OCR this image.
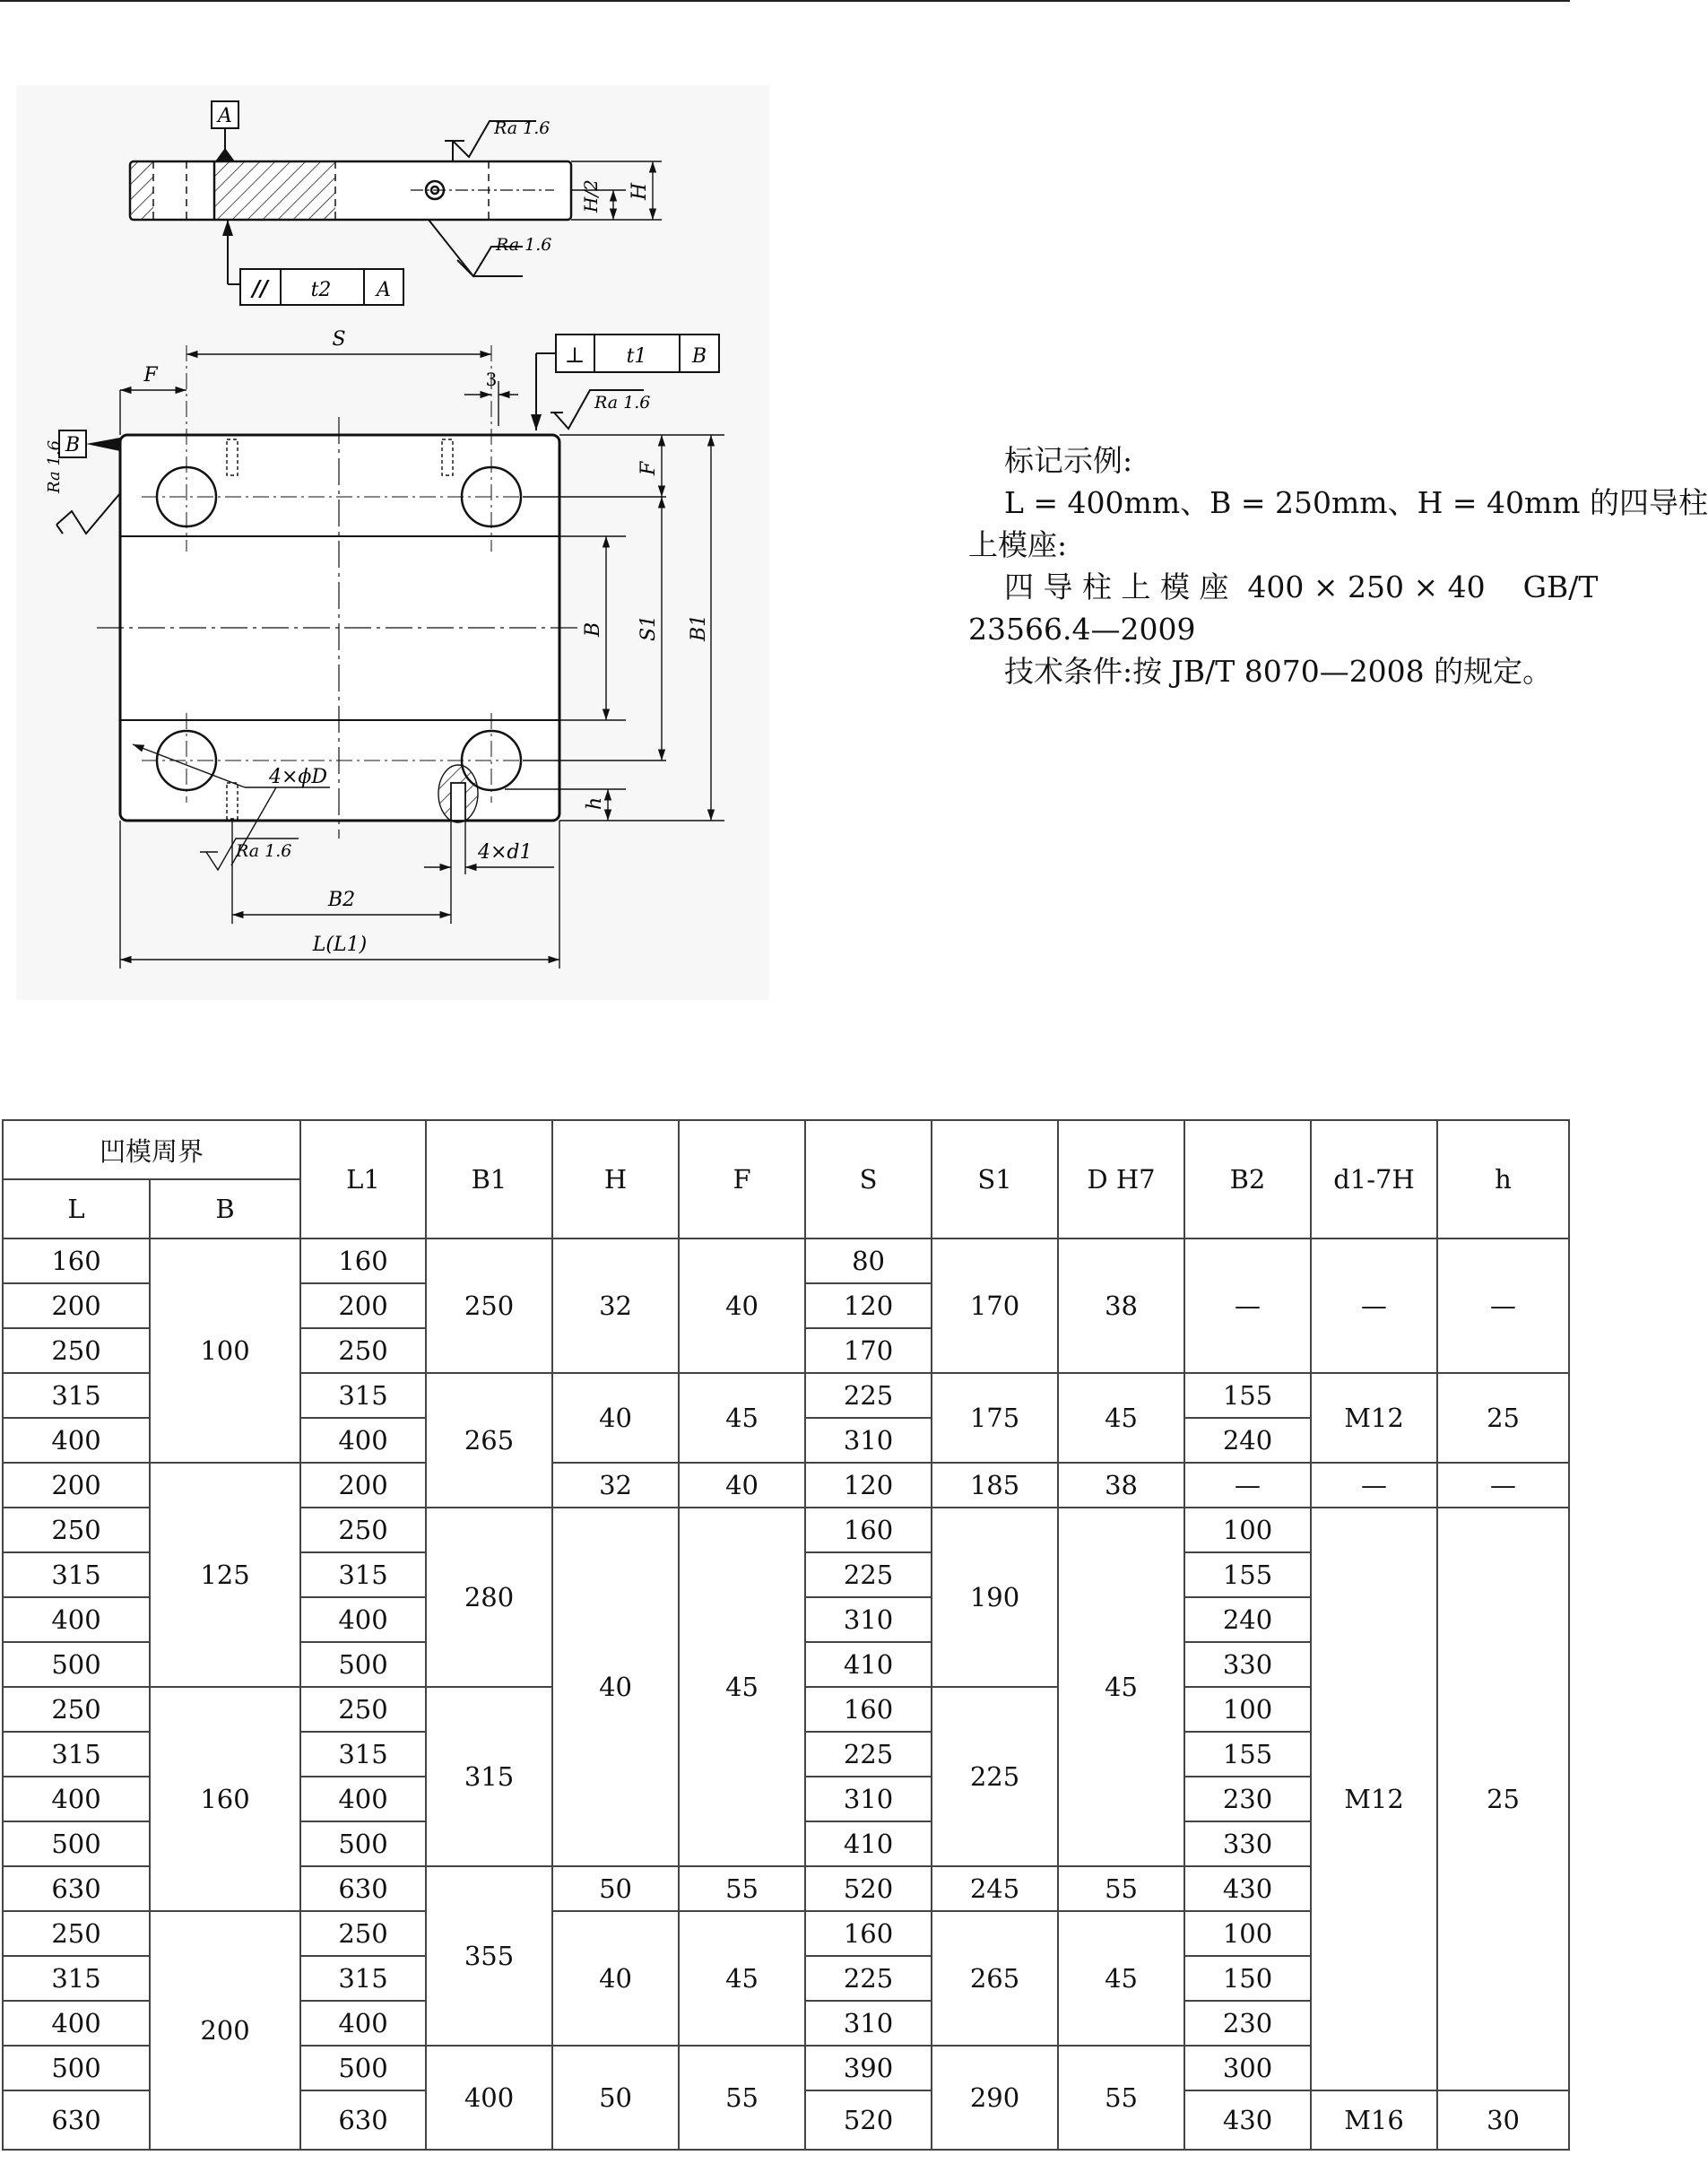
A
Ra 1.6
H/2 H
Ra 1.6
// t2 A
B
Ra 1.6
S
F	3
⊥ t1 B
Ra 1.6
F
B S1 B1
h
4×ϕD
Ra 1.6	4×d1
B2
L(L1)
标记示例:
L = 400mm、B = 250mm、H = 40mm 的四导柱
上模座:
四 导 柱 上 模 座  400 × 250 × 40    GB/T
23566.4—2009
技术条件:按 JB/T 8070—2008 的规定。
凹模周界		L1	B1	H	F	S	S1	D H7	B2	d1-7H	h
L	B										
160	100	160	250	32	40	80	170	38	—	—	—
200		200				120					
250		250				170					
315		315	265	40	45	225	175	45	155	M12	25
400		400				310			240		
200	125	200		32	40	120	185	38	—	—	—
250		250	280	40	45	160	190	45	100	M12	25
315		315				225			155		
400		400				310			240		
500		500				410			330		
250	160	250	315			160	225		100		
315		315				225			155		
400		400				310			230		
500		500				410			330		
630		630	355	50	55	520	245	55	430		
250	200	250		40	45	160	265	45	100		
315		315				225			150		
400		400				310			230		
500		500	400	50	55	390	290	55	300		
630		630				520			430	M16	30
